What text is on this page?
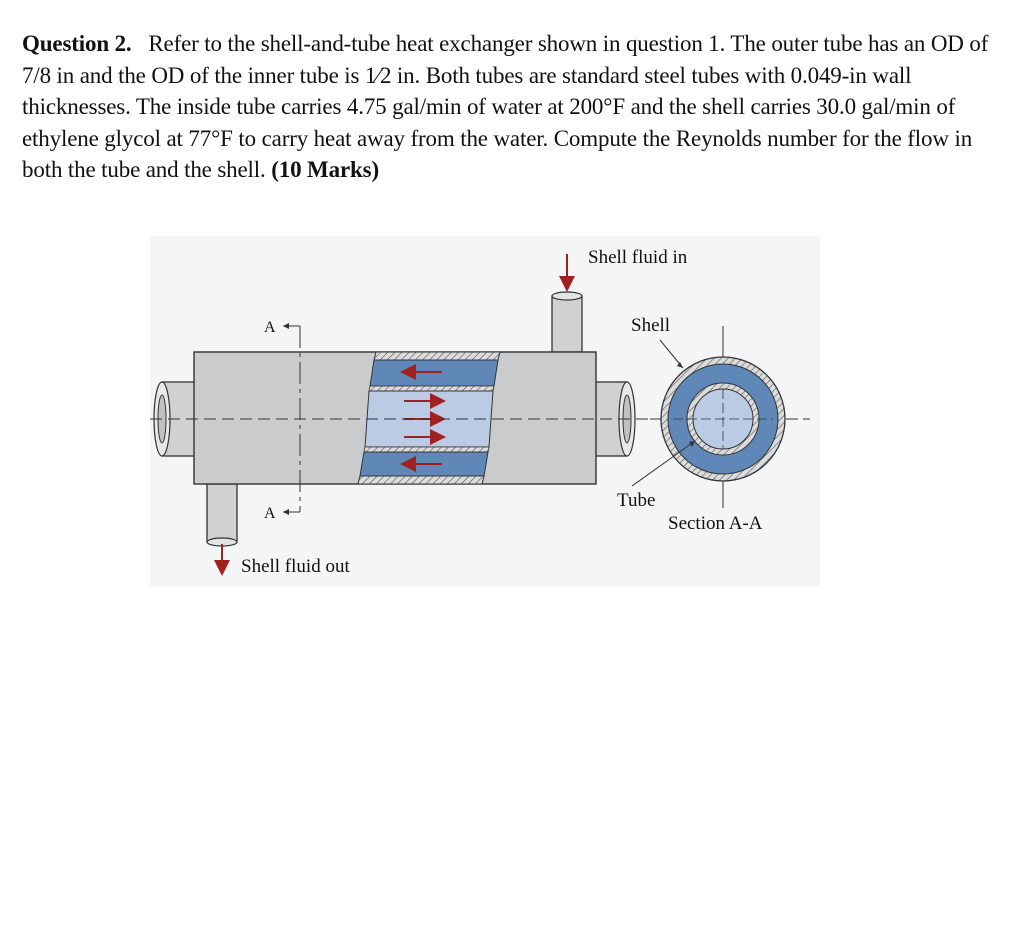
Question 2. Refer to the shell-and-tube heat exchanger shown in question 1. The outer tube has an OD of 7/8 in and the OD of the inner tube is 1⁄2 in. Both tubes are standard steel tubes with 0.049-in wall thicknesses. The inside tube carries 4.75 gal/min of water at 200°F and the shell carries 30.0 gal/min of ethylene glycol at 77°F to carry heat away from the water. Compute the Reynolds number for the flow in both the tube and the shell. (10 Marks)
A
A
Shell fluid in
Shell
Tube
Section A-A
Shell fluid out
